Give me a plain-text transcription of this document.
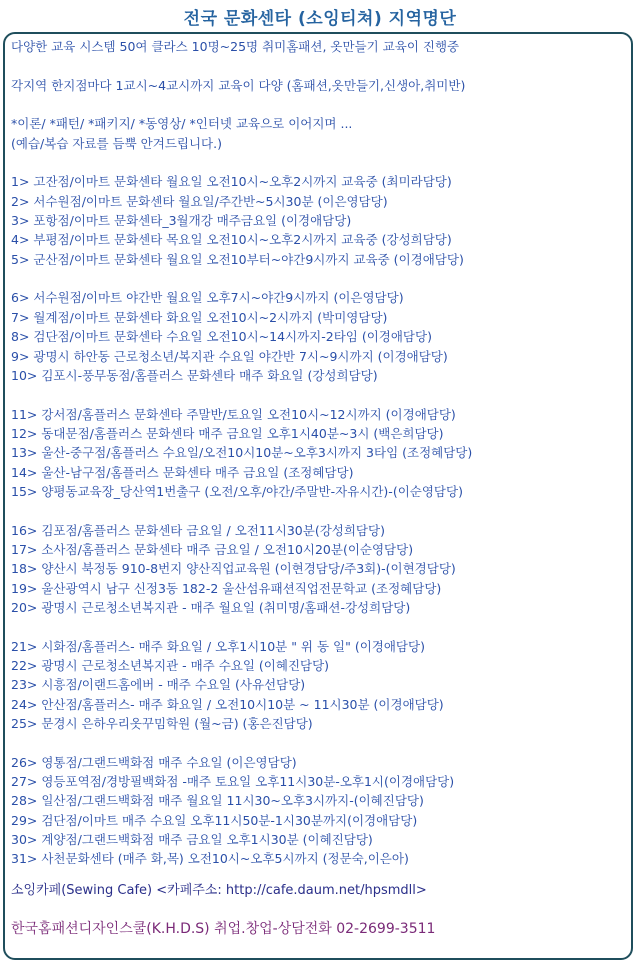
전국 문화센타 (소잉티쳐) 지역명단
다양한 교육 시스템 50여 클라스 10명~25명 취미홈패션, 옷만들기 교육이 진행중
각지역 한지점마다 1교시~4교시까지 교육이 다양 (홈패션,옷만들기,신생아,취미반)
*이론/ *패턴/ *패키지/ *동영상/ *인터넷 교육으로 이어지며 ...
(예습/복습 자료를 듬뿍 안겨드립니다.)
1> 고잔점/이마트 문화센타 월요일 오전10시~오후2시까지 교육중 (최미라담당)
2> 서수원점/이마트 문화센타 월요일/주간반~5시30분 (이은영담당)
3> 포항점/이마트 문화센타_3월개강 매주금요일 (이경애담당)
4> 부평점/이마트 문화센타 목요일 오전10시~오후2시까지 교육중 (강성희담당)
5> 군산점/이마트 문화센타 월요일 오전10부터~야간9시까지 교육중 (이경애담당)
6> 서수원점/이마트 야간반 월요일 오후7시~야간9시까지 (이은영담당)
7> 월계점/이마트 문화센타 화요일 오전10시~2시까지 (박미영담당)
8> 검단점/이마트 문화센타 수요일 오전10시~14시까지-2타임 (이경애담당)
9> 광명시 하안동 근로청소년/복지관 수요일 야간반 7시~9시까지 (이경애담당)
10> 김포시-풍무동점/홈플러스 문화센타 매주 화요일 (강성희담당)
11> 강서점/홈플러스 문화센타 주말반/토요일 오전10시~12시까지 (이경애담당)
12> 동대문점/홈플러스 문화센타 매주 금요일 오후1시40분~3시 (백은희담당)
13> 울산-중구점/홈플러스 수요일/오전10시10분~오후3시까지 3타임 (조정혜담당)
14> 울산-남구점/홈플러스 문화센타 매주 금요일 (조정혜담당)
15> 양평동교육장_당산역1번출구 (오전/오후/야간/주말반-자유시간)-(이순영담당)
16> 김포점/홈플러스 문화센타 금요일 / 오전11시30분(강성희담당)
17> 소사점/홈플러스 문화센타 매주 금요일 / 오전10시20분(이순영담당)
18> 양산시 북정동 910-8번지 양산직업교육원 (이현경담당/주3회)-(이현경담당)
19> 울산광역시 남구 신정3동 182-2 울산섬유패션직업전문학교 (조정혜담당)
20> 광명시 근로청소년복지관 - 매주 월요일 (취미명/홈패션-강성희담당)
21> 시화점/홈플러스- 매주 화요일 / 오후1시10분 " 위 동 일" (이경애담당)
22> 광명시 근로청소년복지관 - 매주 수요일 (이혜진담당)
23> 시흥점/이랜드홈에버 - 매주 수요일 (사유선담당)
24> 안산점/홈플러스- 매주 화요일 / 오전10시10분 ~ 11시30분 (이경애담당)
25> 문경시 은하우리옷꾸밈학원 (월~금) (홍은진담당)
26> 영통점/그랜드백화점 매주 수요일 (이은영담당)
27> 영등포역점/경방필백화점 -매주 토요일 오후11시30분-오후1시(이경애담당)
28> 일산점/그랜드백화점 매주 월요일 11시30~오후3시까지-(이혜진담당)
29> 검단점/이마트 매주 수요일 오후11시50분-1시30분까지(이경애담당)
30> 계양점/그랜드백화점 매주 금요일 오후1시30분 (이혜진담당)
31> 사천문화센타 (매주 화,목) 오전10시~오후5시까지 (정문숙,이은아)
소잉카페(Sewing Cafe) <카페주소: http://cafe.daum.net/hpsmdll>
한국홈패션디자인스쿨(K.H.D.S) 취업.창업-상담전화 02-2699-3511
